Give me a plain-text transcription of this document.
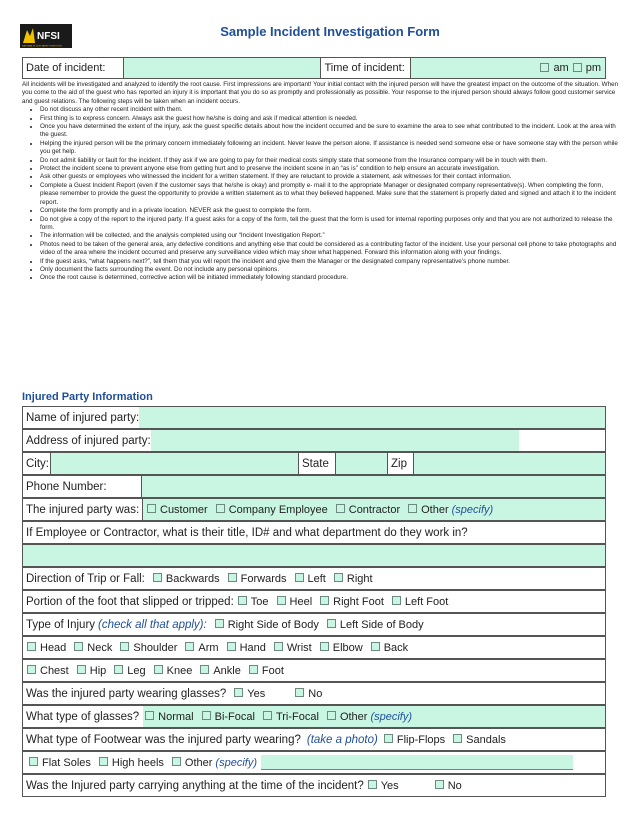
NFSI
NATIONAL FLOOR SAFETY INSTITUTE
Sample Incident Investigation Form
Date of incident:	Time of incident:	am pm

All incidents will be investigated and analyzed to identify the root cause. First impressions are important! Your initial contact with the injured person will have the greatest impact on the outcome of the situation. When you come to the aid of the guest who has reported an injury it is important that you do so as promptly and professionally as possible. Your response to the injured person should always follow good customer service and guest relations. The following steps will be taken when an incident occurs.

• Do not discuss any other recent incident with them.
• First thing is to express concern. Always ask the guest how he/she is doing and ask if medical attention is needed.
• Once you have determined the extent of the injury, ask the guest specific details about how the incident occurred and be sure to examine the area to see what contributed to the incident. Look at the area with the guest.
• Helping the injured person will be the primary concern immediately following an incident. Never leave the person alone. If assistance is needed send someone else or have someone stay with the person while you get help.
• Do not admit liability or fault for the incident. If they ask if we are going to pay for their medical costs simply state that someone from the Insurance company will be in touch with them.
• Protect the incident scene to prevent anyone else from getting hurt and to preserve the incident scene in an “as is” condition to help ensure an accurate investigation.
• Ask other guests or employees who witnessed the incident for a written statement. If they are reluctant to provide a statement, ask witnesses for their contact information.
• Complete a Guest Incident Report (even if the customer says that he/she is okay) and promptly e- mail it to the appropriate Manager or designated company representative(s). When completing the form, please remember to provide the guest the opportunity to provide a written statement as to what they believed happened. Make sure that the statement is properly dated and signed and attach it to the incident report.
• Complete the form promptly and in a private location. NEVER ask the guest to complete the form.
• Do not give a copy of the report to the injured party. If a guest asks for a copy of the form, tell the guest that the form is used for internal reporting purposes only and that you are not authorized to release the form.
• The information will be collected, and the analysis completed using our “Incident Investigation Report.”
• Photos need to be taken of the general area, any defective conditions and anything else that could be considered as a contributing factor of the incident. Use your personal cell phone to take photographs and video of the area where the incident occurred and preserve any surveillance video which may show what happened. Forward this information along with your findings.
• If the guest asks, “what happens next?”, tell them that you will report the incident and give them the Manager or the designated company representative’s phone number.
• Only document the facts surrounding the event. Do not include any personal opinions.
• Once the root cause is determined, corrective action will be initiated immediately following standard procedure.
Injured Party Information
Name of injured party:
Address of injured party:
City:	State	Zip
Phone Number:
The injured party was: Customer Company Employee Contractor Other (specify)
If Employee or Contractor, what is their title, ID# and what department do they work in?
Direction of Trip or Fall: Backwards Forwards Left Right
Portion of the foot that slipped or tripped: Toe Heel Right Foot Left Foot
Type of Injury (check all that apply): Right Side of Body Left Side of Body
Head Neck Shoulder Arm Hand Wrist Elbow Back
Chest Hip Leg Knee Ankle Foot
Was the injured party wearing glasses? Yes	No
What type of glasses? Normal Bi-Focal Tri-Focal Other (specify)
What type of Footwear was the injured party wearing? (take a photo) Flip-Flops Sandals
Flat Soles High heels Other (specify)
Was the Injured party carrying anything at the time of the incident? Yes	No
